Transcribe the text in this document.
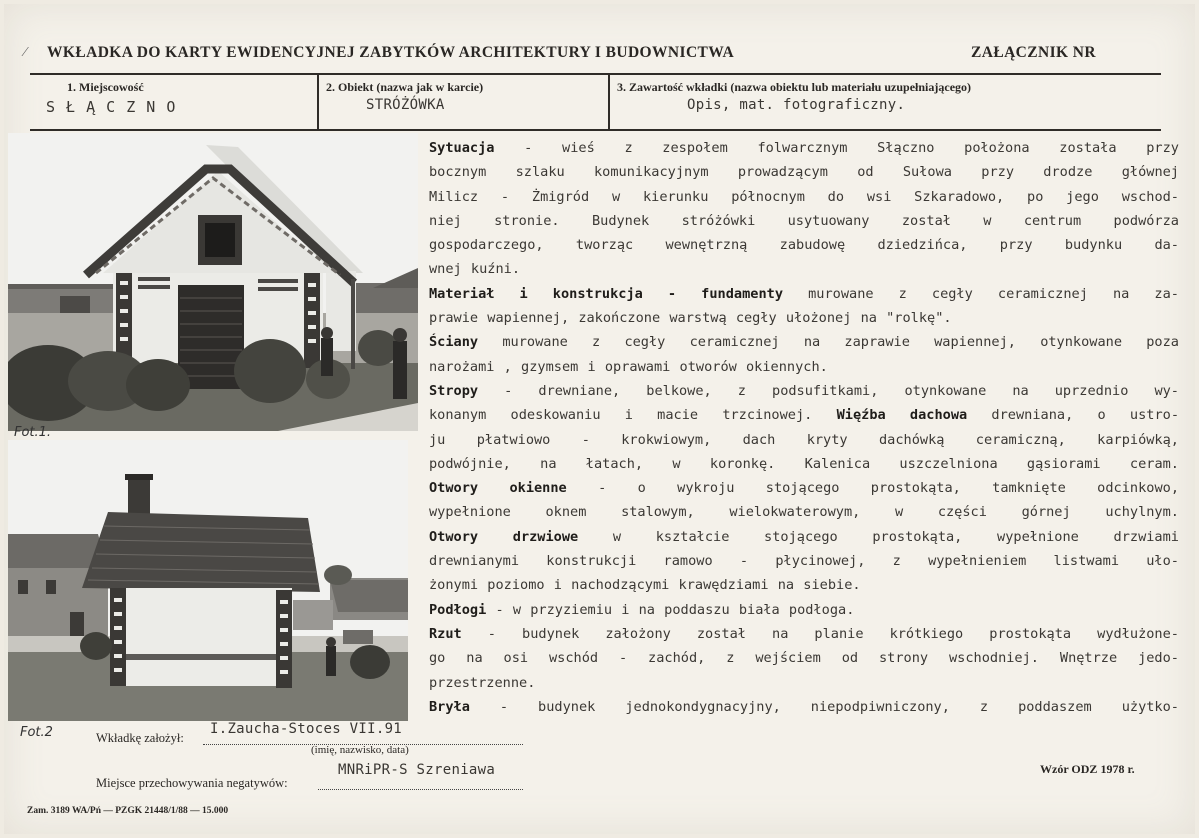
⁄ WKŁADKA DO KARTY EWIDENCYJNEJ ZABYTKÓW ARCHITEKTURY I BUDOWNICTWA	ZAŁĄCZNIK NR
1. Miejscowość
S Ł Ą C Z N O
2. Obiekt (nazwa jak w karcie)
STRÓŻÓWKA
3. Zawartość wkładki (nazwa obiektu lub materiału uzupełniającego)
Opis, mat. fotograficzny.
Fot.1.
Fot.2
Sytuacja - wieś z zespołem folwarcznym Słączno położona została przy
bocznym szlaku komunikacyjnym prowadzącym od Sułowa przy drodze głównej
Milicz - Żmigród w kierunku północnym do wsi Szkaradowo, po jego wschod-
niej stronie. Budynek stróżówki usytuowany został w centrum podwórza
gospodarczego, tworząc wewnętrzną zabudowę dziedzińca, przy budynku da-
wnej kuźni.
Materiał i konstrukcja - fundamenty murowane z cegły ceramicznej na za-
prawie wapiennej, zakończone warstwą cegły ułożonej na "rolkę".
Ściany murowane z cegły ceramicznej na zaprawie wapiennej, otynkowane poza
narożami , gzymsem i oprawami otworów okiennych.
Stropy - drewniane, belkowe, z podsufitkami, otynkowane na uprzednio wy-
konanym odeskowaniu i macie trzcinowej. Więźba dachowa drewniana, o ustro-
ju płatwiowo - krokwiowym, dach kryty dachówką ceramiczną, karpiówką,
podwójnie, na łatach, w koronkę. Kalenica uszczelniona gąsiorami ceram.
Otwory okienne - o wykroju stojącego prostokąta, tamknięte odcinkowo,
wypełnione oknem stalowym, wielokwaterowym, w części górnej uchylnym.
Otwory drzwiowe w kształcie stojącego prostokąta, wypełnione drzwiami
drewnianymi konstrukcji ramowo - płycinowej, z wypełnieniem listwami uło-
żonymi poziomo i nachodzącymi krawędziami na siebie.
Podłogi - w przyziemiu i na poddaszu biała podłoga.
Rzut - budynek założony został na planie krótkiego prostokąta wydłużone-
go na osi wschód - zachód, z wejściem od strony wschodniej. Wnętrze jedo-
przestrzenne.
Bryła - budynek jednokondygnacyjny, niepodpiwniczony, z poddaszem użytko-
Wkładkę założył:
I.Zaucha-Stoces VII.91
(imię, nazwisko, data)
Miejsce przechowywania negatywów:
MNRiPR-S Szreniawa	Wzór ODZ 1978 r.
Zam. 3189 WA/Pń — PZGK 21448/1/88 — 15.000
